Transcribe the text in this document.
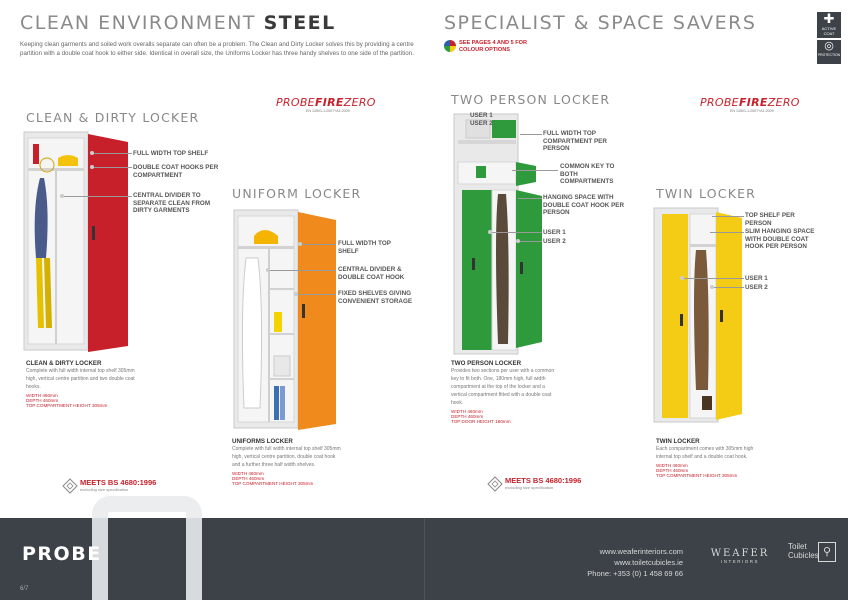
CLEAN ENVIRONMENT STEEL
Keeping clean garments and soiled work overalls separate can often be a problem. The Clean and Dirty Locker solves this by providing a centre partition with a double coat hook to either side. Identical in overall size, the Uniforms Locker has three handy shelves to one side of the partition.
PROBEFIREZERO
EN 13501-1:2007+A1:2009
CLEAN & DIRTY LOCKER
FULL WIDTH TOP SHELF
DOUBLE COAT HOOKS PER COMPARTMENT
CENTRAL DIVIDER TO SEPARATE CLEAN FROM DIRTY GARMENTS
CLEAN & DIRTY LOCKER
Complete with full width internal top shelf 305mm high, vertical centre partition and two double coat hooks.
WIDTH 460mm
DEPTH 460mm
TOP COMPARTMENT HEIGHT 305mm
UNIFORM LOCKER
FULL WIDTH TOP SHELF
CENTRAL DIVIDER & DOUBLE COAT HOOK
FIXED SHELVES GIVING CONVENIENT STORAGE
UNIFORMS LOCKER
Complete with full width internal top shelf 305mm high, vertical centre partition, double coat hook and a further three half width shelves.
WIDTH 460mm
DEPTH 460mm
TOP COMPARTMENT HEIGHT 305mm
MEETS BS 4680:1996
excluding size specification
SPECIALIST & SPACE SAVERS
SEE PAGES 4 AND 5 FOR COLOUR OPTIONS
✚
ACTIVE COAT
◎
PROTECTION
TWO PERSON LOCKER
USER 1
USER 2
FULL WIDTH TOP COMPARTMENT PER PERSON
COMMON KEY TO BOTH COMPARTMENTS
HANGING SPACE WITH DOUBLE COAT HOOK PER PERSON
USER 1
USER 2
TWO PERSON LOCKER
Provides two sections per user with a common key to fit both. One, 180mm high, full width compartment at the top of the locker and a vertical compartment fitted with a double coat hook.
WIDTH 460mm
DEPTH 460mm
TOP DOOR HEIGHT 180mm
PROBEFIREZERO
EN 13501-1:2007+A1:2009
TWIN LOCKER
TOP SHELF PER PERSON
SLIM HANGING SPACE WITH DOUBLE COAT HOOK PER PERSON
USER 1
USER 2
TWIN LOCKER
Each compartment comes with 305mm high internal top shelf and a double coat hook.
WIDTH 460mm
DEPTH 460mm
TOP COMPARTMENT HEIGHT 305mm
MEETS BS 4680:1996
excluding size specification
PROBE	www.weaferinteriors.com
www.toiletcubicles.ie
Phone: +353 (0) 1 458 69 66
WEAFER
INTERIORS
Toilet
Cubicles ⚲
6/7
